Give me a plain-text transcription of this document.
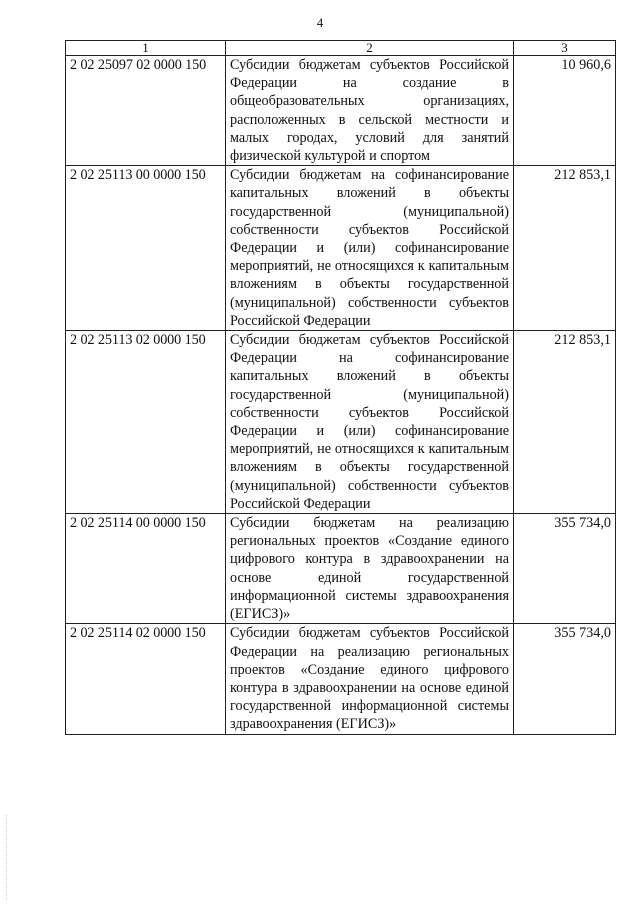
4
1	2	3
2 02 25097 02 0000 150	Субсидии бюджетам субъектов Российской Федерации на создание в общеобразовательных организациях, расположенных в сельской местности и малых городах, условий для занятий физической культурой и спортом	10 960,6
2 02 25113 00 0000 150	Субсидии бюджетам на софинансирование капитальных вложений в объекты государственной (муниципальной) собственности субъектов Российской Федерации и (или) софинансирование мероприятий, не относящихся к капитальным вложениям в объекты государственной (муниципальной) собственности субъектов Российской Федерации	212 853,1
2 02 25113 02 0000 150	Субсидии бюджетам субъектов Российской Федерации на софинансирование капитальных вложений в объекты государственной (муниципальной) собственности субъектов Российской Федерации и (или) софинансирование мероприятий, не относящихся к капитальным вложениям в объекты государственной (муниципальной) собственности субъектов Российской Федерации	212 853,1
2 02 25114 00 0000 150	Субсидии бюджетам на реализацию региональных проектов «Создание единого цифрового контура в здравоохранении на основе единой государственной информационной системы здравоохранения (ЕГИСЗ)»	355 734,0
2 02 25114 02 0000 150	Субсидии бюджетам субъектов Российской Федерации на реализацию региональных проектов «Создание единого цифрового контура в здравоохранении на основе единой государственной информационной системы здравоохранения (ЕГИСЗ)»	355 734,0
